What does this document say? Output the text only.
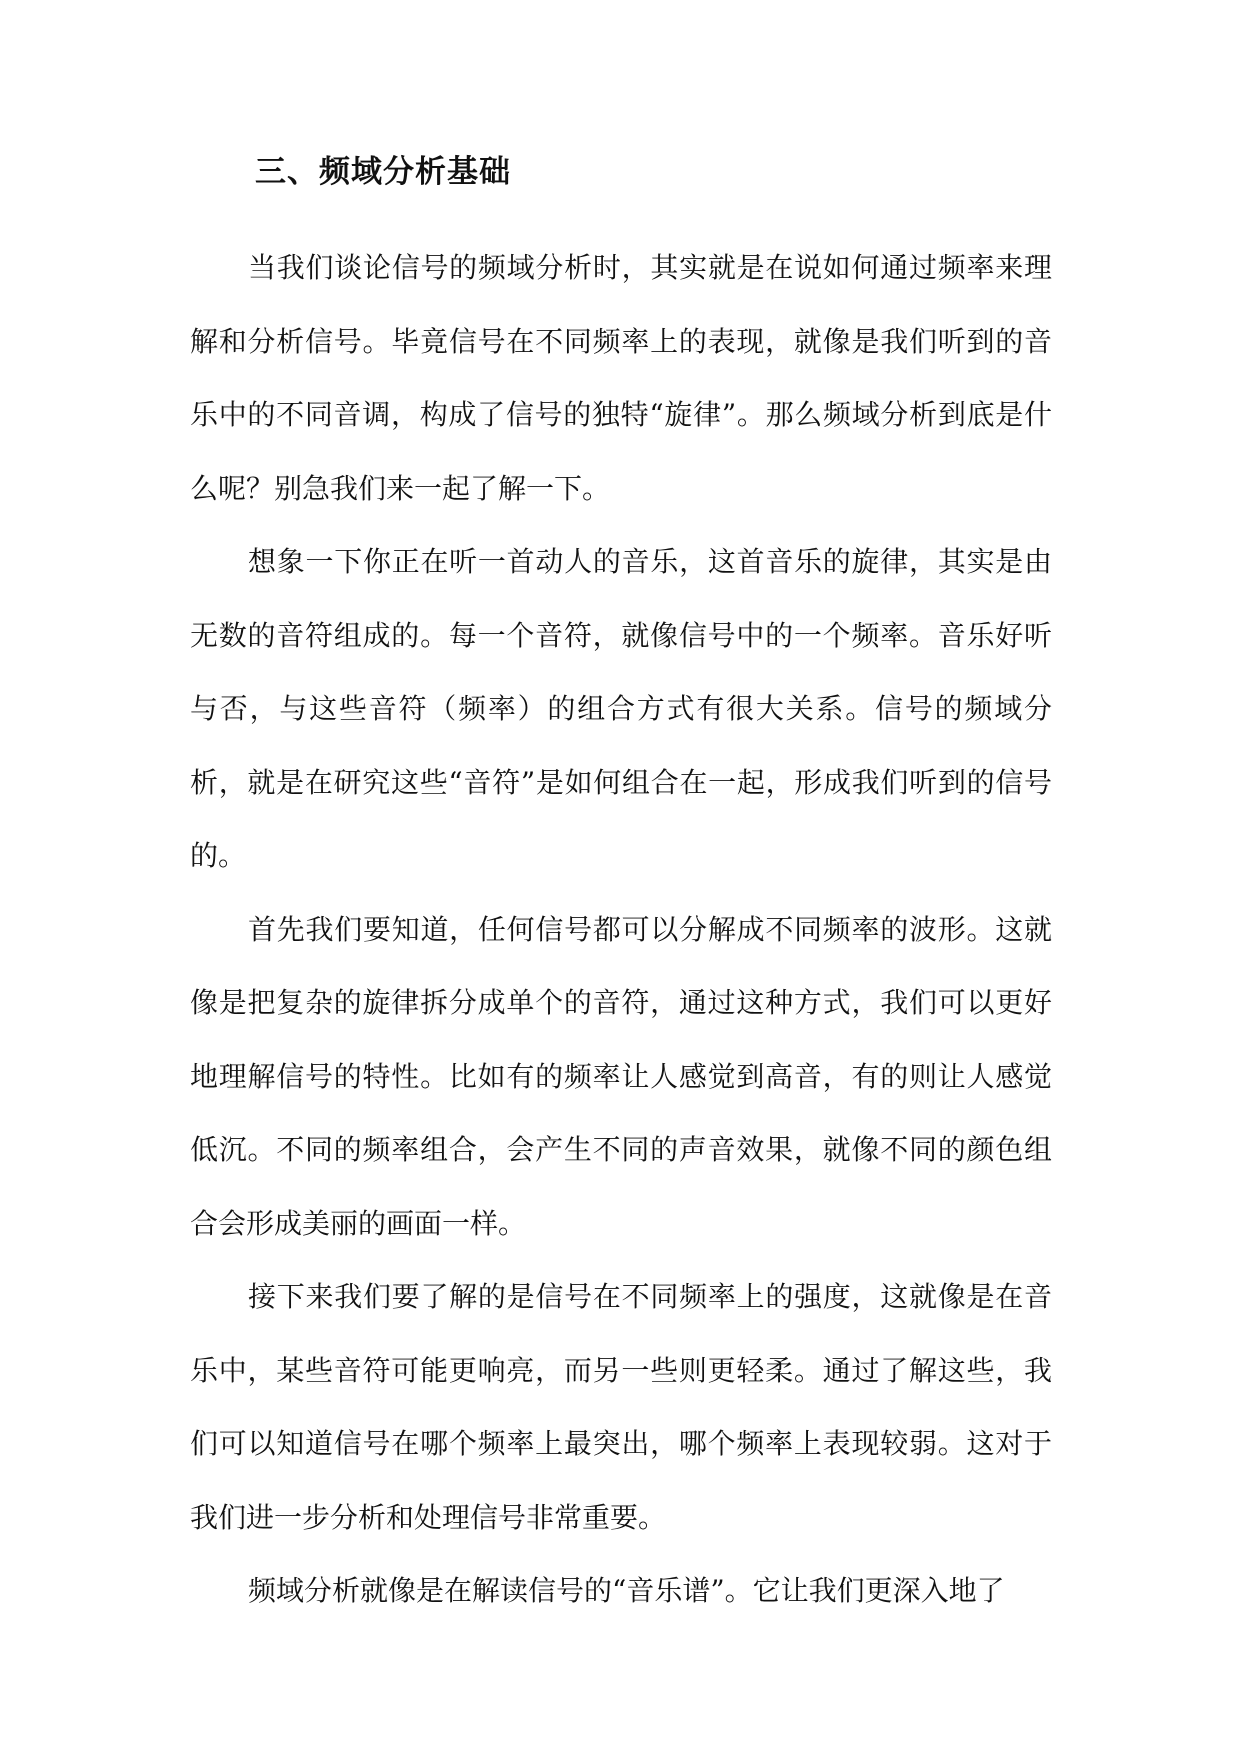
三、频域分析基础

当我们谈论信号的频域分析时，其实就是在说如何通过频率来理解和分析信号。毕竟信号在不同频率上的表现，就像是我们听到的音乐中的不同音调，构成了信号的独特“旋律”。那么频域分析到底是什么呢？别急我们来一起了解一下。

想象一下你正在听一首动人的音乐，这首音乐的旋律，其实是由无数的音符组成的。每一个音符，就像信号中的一个频率。音乐好听与否，与这些音符（频率）的组合方式有很大关系。信号的频域分析，就是在研究这些“音符”是如何组合在一起，形成我们听到的信号的。

首先我们要知道，任何信号都可以分解成不同频率的波形。这就像是把复杂的旋律拆分成单个的音符，通过这种方式，我们可以更好地理解信号的特性。比如有的频率让人感觉到高音，有的则让人感觉低沉。不同的频率组合，会产生不同的声音效果，就像不同的颜色组合会形成美丽的画面一样。

接下来我们要了解的是信号在不同频率上的强度，这就像是在音乐中，某些音符可能更响亮，而另一些则更轻柔。通过了解这些，我们可以知道信号在哪个频率上最突出，哪个频率上表现较弱。这对于我们进一步分析和处理信号非常重要。

频域分析就像是在解读信号的“音乐谱”。它让我们更深入地了
